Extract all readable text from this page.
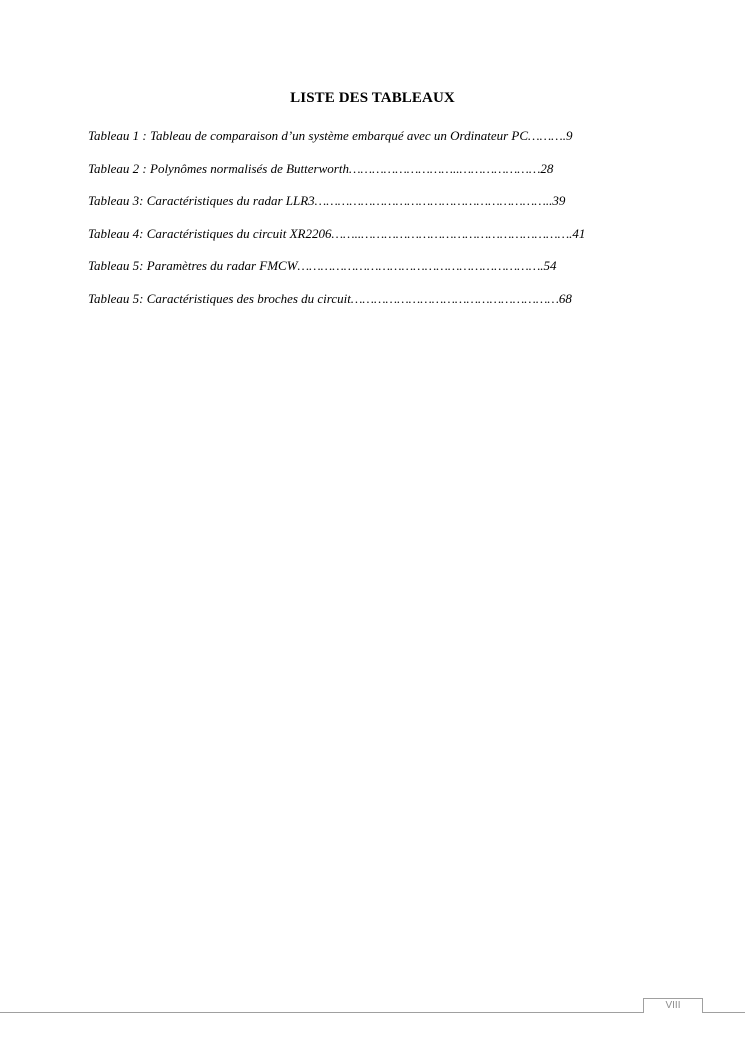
LISTE DES TABLEAUX
Tableau 1 : Tableau de comparaison d’un système embarqué avec un Ordinateur PC……….9
Tableau 2 : Polynômes normalisés de Butterworth………………………..…………………28
Tableau 3: Caractéristiques du radar LLR3……………………………………………………..39
Tableau 4: Caractéristiques du circuit XR2206……..……………………………………………….41
Tableau 5: Paramètres du radar FMCW……………………………………………………….54
Tableau 5: Caractéristiques des broches du circuit………………………………………………68
VIII
